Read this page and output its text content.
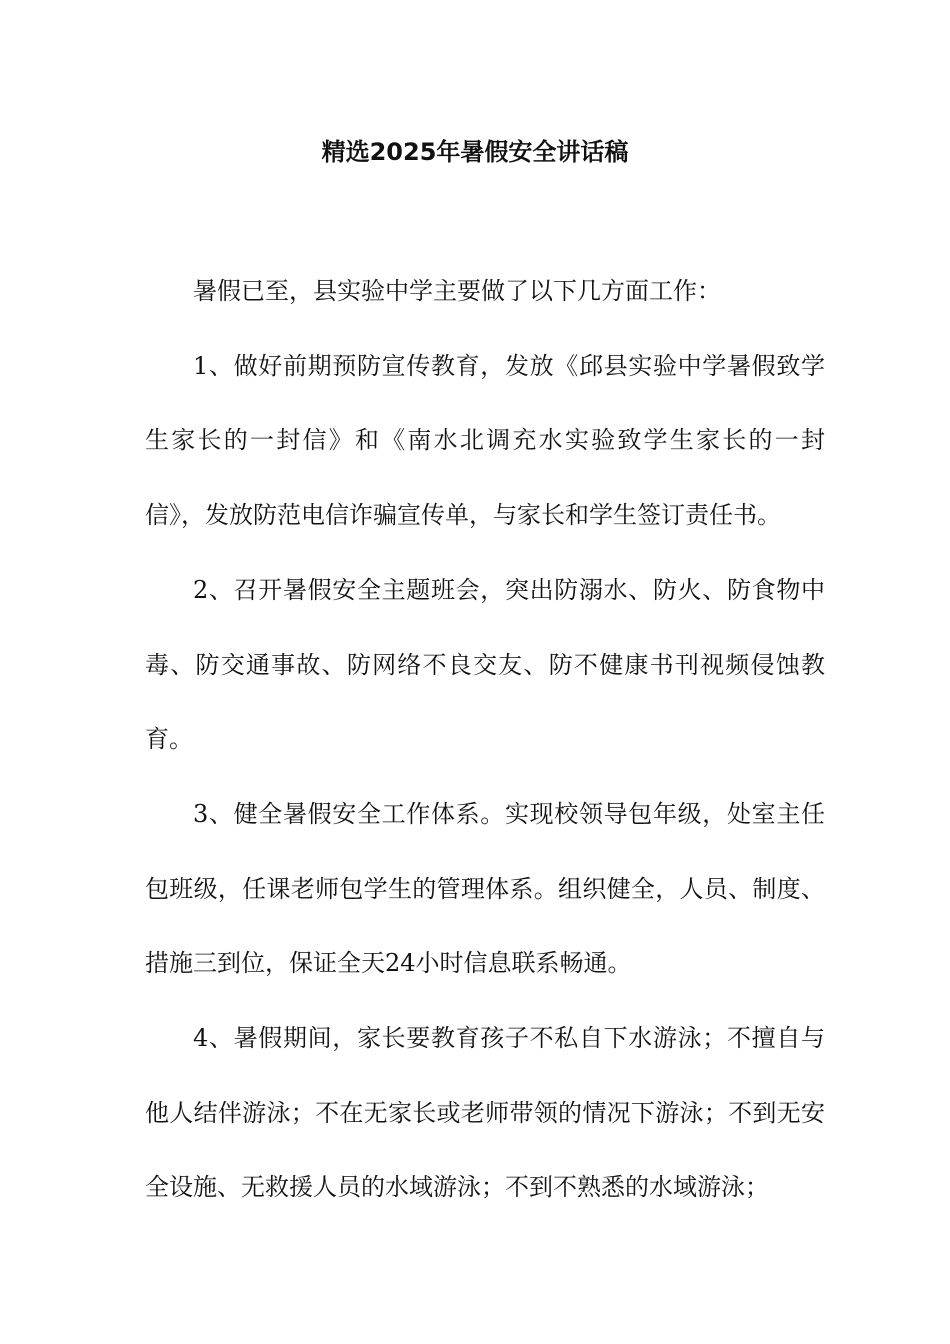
精选2025年暑假安全讲话稿

暑假已至，县实验中学主要做了以下几方面工作：

1、做好前期预防宣传教育，发放《邱县实验中学暑假致学生家长的一封信》和《南水北调充水实验致学生家长的一封信》，发放防范电信诈骗宣传单，与家长和学生签订责任书。

2、召开暑假安全主题班会，突出防溺水、防火、防食物中毒、防交通事故、防网络不良交友、防不健康书刊视频侵蚀教育。

3、健全暑假安全工作体系。实现校领导包年级，处室主任包班级，任课老师包学生的管理体系。组织健全，人员、制度、措施三到位，保证全天24小时信息联系畅通。

4、暑假期间，家长要教育孩子不私自下水游泳；不擅自与他人结伴游泳；不在无家长或老师带领的情况下游泳；不到无安全设施、无救援人员的水域游泳；不到不熟悉的水域游泳；
